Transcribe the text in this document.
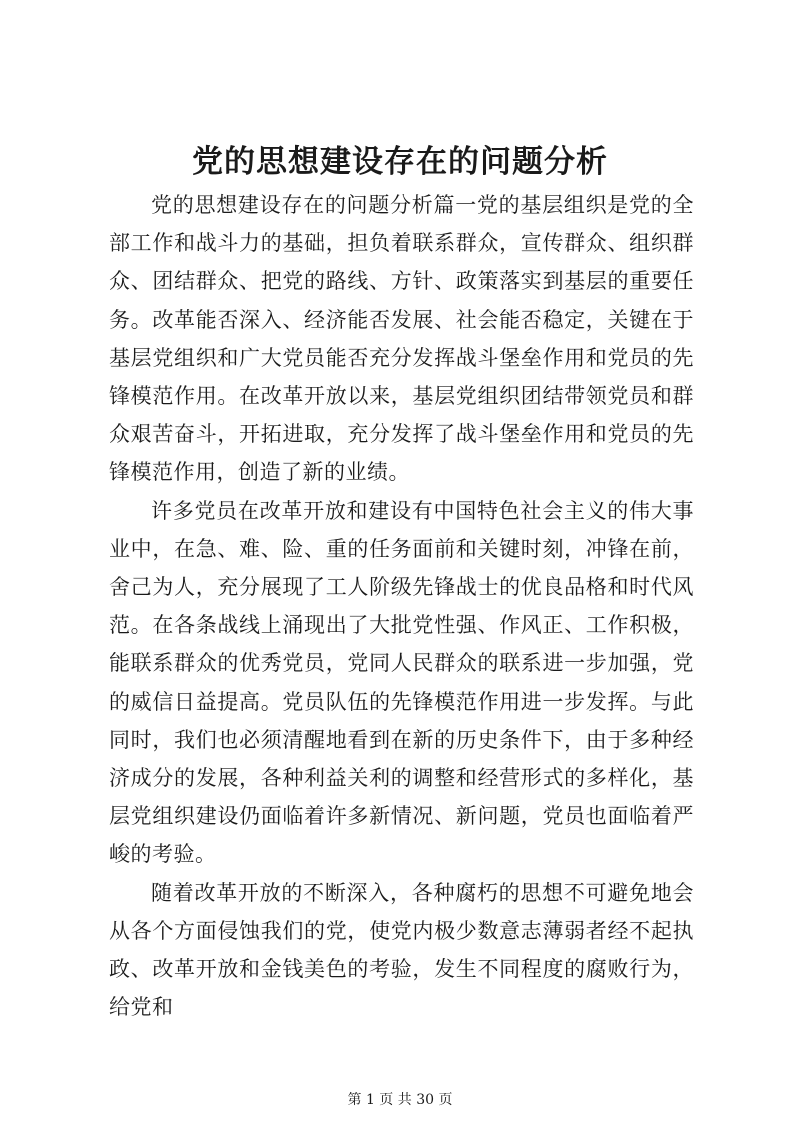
党的思想建设存在的问题分析

党的思想建设存在的问题分析篇一党的基层组织是党的全部工作和战斗力的基础，担负着联系群众，宣传群众、组织群众、团结群众、把党的路线、方针、政策落实到基层的重要任务。改革能否深入、经济能否发展、社会能否稳定，关键在于基层党组织和广大党员能否充分发挥战斗堡垒作用和党员的先锋模范作用。在改革开放以来，基层党组织团结带领党员和群众艰苦奋斗，开拓进取，充分发挥了战斗堡垒作用和党员的先锋模范作用，创造了新的业绩。

许多党员在改革开放和建设有中国特色社会主义的伟大事业中，在急、难、险、重的任务面前和关键时刻，冲锋在前，舍己为人，充分展现了工人阶级先锋战士的优良品格和时代风范。在各条战线上涌现出了大批党性强、作风正、工作积极，能联系群众的优秀党员，党同人民群众的联系进一步加强，党的威信日益提高。党员队伍的先锋模范作用进一步发挥。与此同时，我们也必须清醒地看到在新的历史条件下，由于多种经济成分的发展，各种利益关利的调整和经营形式的多样化，基层党组织建设仍面临着许多新情况、新问题，党员也面临着严峻的考验。

随着改革开放的不断深入，各种腐朽的思想不可避免地会从各个方面侵蚀我们的党，使党内极少数意志薄弱者经不起执政、改革开放和金钱美色的考验，发生不同程度的腐败行为，给党和

第 1 页 共 30 页
